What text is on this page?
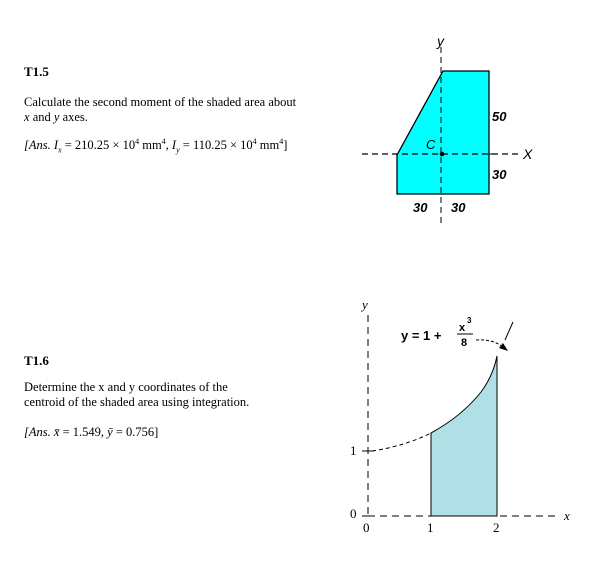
T1.5
Calculate the second moment of the shaded area about
x and y axes.
[Ans. $I_x = 210.25 \times 10^4$ $mm^4$, $I_y = 110.25 \times 10^4$ $mm^4$]
y
X
C
50
30
30 30
T1.6
Determine the x and y coordinates of the
centroid of the shaded area using integration.
[Ans. x̄ = 1.549, ȳ = 0.756]
y
x
1
0
0	1	2
y = 1 + x
3
8
